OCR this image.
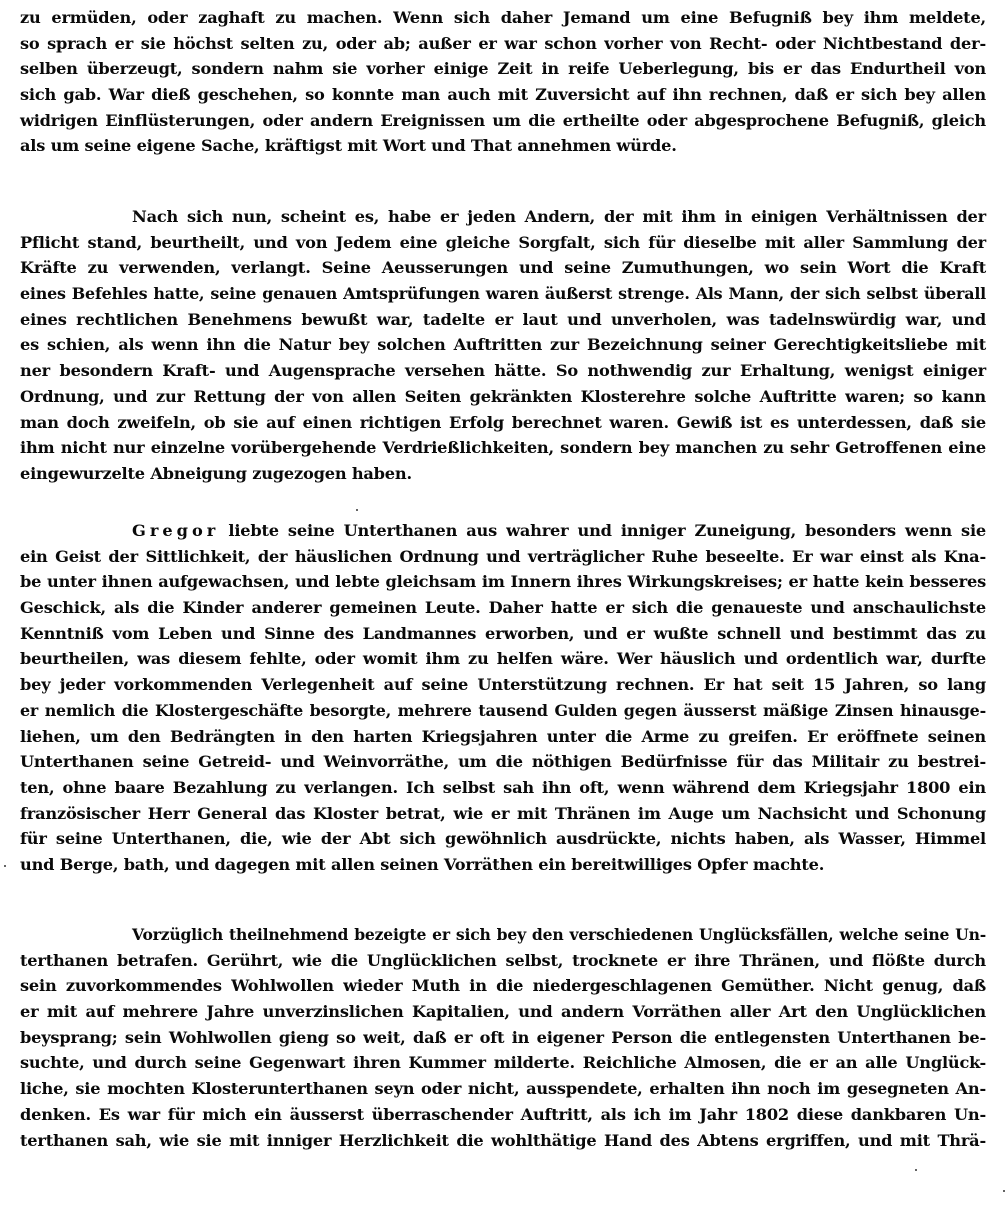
zu ermüden, oder zaghaft zu machen. Wenn sich daher Jemand um eine Befugniß bey ihm meldete,
so sprach er sie höchst selten zu, oder ab; außer er war schon vorher von Recht- oder Nichtbestand der-
selben überzeugt, sondern nahm sie vorher einige Zeit in reife Ueberlegung, bis er das Endurtheil von
sich gab. War dieß geschehen, so konnte man auch mit Zuversicht auf ihn rechnen, daß er sich bey allen
widrigen Einflüsterungen, oder andern Ereignissen um die ertheilte oder abgesprochene Befugniß, gleich
als um seine eigene Sache, kräftigst mit Wort und That annehmen würde.
Nach sich nun, scheint es, habe er jeden Andern, der mit ihm in einigen Verhältnissen der
Pflicht stand, beurtheilt, und von Jedem eine gleiche Sorgfalt, sich für dieselbe mit aller Sammlung der
Kräfte zu verwenden, verlangt. Seine Aeusserungen und seine Zumuthungen, wo sein Wort die Kraft
eines Befehles hatte, seine genauen Amtsprüfungen waren äußerst strenge. Als Mann, der sich selbst überall
eines rechtlichen Benehmens bewußt war, tadelte er laut und unverholen, was tadelnswürdig war, und
es schien, als wenn ihn die Natur bey solchen Auftritten zur Bezeichnung seiner Gerechtigkeitsliebe mit
ner besondern Kraft- und Augensprache versehen hätte. So nothwendig zur Erhaltung, wenigst einiger
Ordnung, und zur Rettung der von allen Seiten gekränkten Klosterehre solche Auftritte waren; so kann
man doch zweifeln, ob sie auf einen richtigen Erfolg berechnet waren. Gewiß ist es unterdessen, daß sie
ihm nicht nur einzelne vorübergehende Verdrießlichkeiten, sondern bey manchen zu sehr Getroffenen eine
eingewurzelte Abneigung zugezogen haben.
Gregor liebte seine Unterthanen aus wahrer und inniger Zuneigung, besonders wenn sie
ein Geist der Sittlichkeit, der häuslichen Ordnung und verträglicher Ruhe beseelte. Er war einst als Kna-
be unter ihnen aufgewachsen, und lebte gleichsam im Innern ihres Wirkungskreises; er hatte kein besseres
Geschick, als die Kinder anderer gemeinen Leute. Daher hatte er sich die genaueste und anschaulichste
Kenntniß vom Leben und Sinne des Landmannes erworben, und er wußte schnell und bestimmt das zu
beurtheilen, was diesem fehlte, oder womit ihm zu helfen wäre. Wer häuslich und ordentlich war, durfte
bey jeder vorkommenden Verlegenheit auf seine Unterstützung rechnen. Er hat seit 15 Jahren, so lang
er nemlich die Klostergeschäfte besorgte, mehrere tausend Gulden gegen äusserst mäßige Zinsen hinausge-
liehen, um den Bedrängten in den harten Kriegsjahren unter die Arme zu greifen. Er eröffnete seinen
Unterthanen seine Getreid- und Weinvorräthe, um die nöthigen Bedürfnisse für das Militair zu bestrei-
ten, ohne baare Bezahlung zu verlangen. Ich selbst sah ihn oft, wenn während dem Kriegsjahr 1800 ein
französischer Herr General das Kloster betrat, wie er mit Thränen im Auge um Nachsicht und Schonung
für seine Unterthanen, die, wie der Abt sich gewöhnlich ausdrückte, nichts haben, als Wasser, Himmel
und Berge, bath, und dagegen mit allen seinen Vorräthen ein bereitwilliges Opfer machte.
Vorzüglich theilnehmend bezeigte er sich bey den verschiedenen Unglücksfällen, welche seine Un-
terthanen betrafen. Gerührt, wie die Unglücklichen selbst, trocknete er ihre Thränen, und flößte durch
sein zuvorkommendes Wohlwollen wieder Muth in die niedergeschlagenen Gemüther. Nicht genug, daß
er mit auf mehrere Jahre unverzinslichen Kapitalien, und andern Vorräthen aller Art den Unglücklichen
beysprang; sein Wohlwollen gieng so weit, daß er oft in eigener Person die entlegensten Unterthanen be-
suchte, und durch seine Gegenwart ihren Kummer milderte. Reichliche Almosen, die er an alle Unglück-
liche, sie mochten Klosterunterthanen seyn oder nicht, ausspendete, erhalten ihn noch im gesegneten An-
denken. Es war für mich ein äusserst überraschender Auftritt, als ich im Jahr 1802 diese dankbaren Un-
terthanen sah, wie sie mit inniger Herzlichkeit die wohlthätige Hand des Abtens ergriffen, und mit Thrä-
